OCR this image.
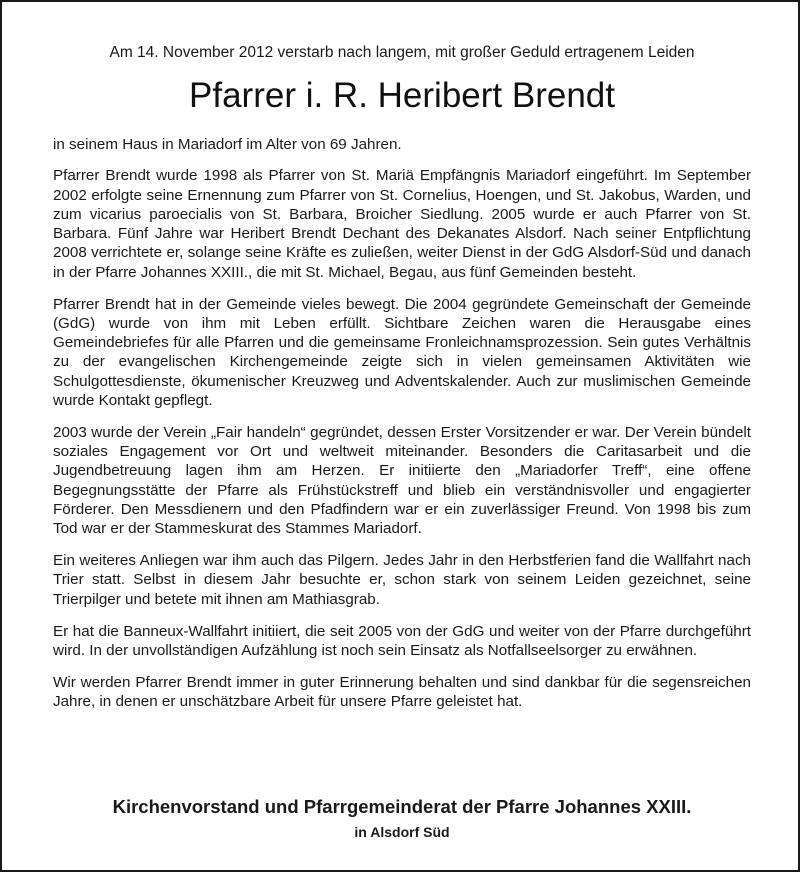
Am 14. November 2012 verstarb nach langem, mit großer Geduld ertragenem Leiden
Pfarrer i. R. Heribert Brendt

in seinem Haus in Mariadorf im Alter von 69 Jahren.

Pfarrer Brendt wurde 1998 als Pfarrer von St. Mariä Empfängnis Mariadorf eingeführt. Im September 2002 erfolgte seine Ernennung zum Pfarrer von St. Cornelius, Hoengen, und St. Jakobus, Warden, und zum vicarius paroecialis von St. Barbara, Broicher Siedlung. 2005 wurde er auch Pfarrer von St. Barbara. Fünf Jahre war Heribert Brendt Dechant des Dekanates Alsdorf. Nach seiner Entpflichtung 2008 verrichtete er, solange seine Kräfte es zuließen, weiter Dienst in der GdG Alsdorf-Süd und danach in der Pfarre Johannes XXIII., die mit St. Michael, Begau, aus fünf Gemeinden besteht.

Pfarrer Brendt hat in der Gemeinde vieles bewegt. Die 2004 gegründete Gemeinschaft der Gemeinde (GdG) wurde von ihm mit Leben erfüllt. Sichtbare Zeichen waren die Herausgabe eines Gemeindebriefes für alle Pfarren und die gemeinsame Fronleichnamsprozession. Sein gutes Verhältnis zu der evangelischen Kirchengemeinde zeigte sich in vielen gemeinsamen Aktivitäten wie Schulgottesdienste, ökumenischer Kreuzweg und Adventskalender. Auch zur muslimischen Gemeinde wurde Kontakt gepflegt.

2003 wurde der Verein „Fair handeln“ gegründet, dessen Erster Vorsitzender er war. Der Verein bündelt soziales Engagement vor Ort und weltweit miteinander. Besonders die Caritasarbeit und die Jugendbetreuung lagen ihm am Herzen. Er initiierte den „Mariadorfer Treff“, eine offene Begegnungsstätte der Pfarre als Frühstückstreff und blieb ein verständnisvoller und engagierter Förderer. Den Messdienern und den Pfadfindern war er ein zuverlässiger Freund. Von 1998 bis zum Tod war er der Stammeskurat des Stammes Mariadorf.

Ein weiteres Anliegen war ihm auch das Pilgern. Jedes Jahr in den Herbstferien fand die Wallfahrt nach Trier statt. Selbst in diesem Jahr besuchte er, schon stark von seinem Leiden gezeichnet, seine Trierpilger und betete mit ihnen am Mathiasgrab.

Er hat die Banneux-Wallfahrt initiiert, die seit 2005 von der GdG und weiter von der Pfarre durchgeführt wird. In der unvollständigen Aufzählung ist noch sein Einsatz als Notfallseelsorger zu erwähnen.

Wir werden Pfarrer Brendt immer in guter Erinnerung behalten und sind dankbar für die segensreichen Jahre, in denen er unschätzbare Arbeit für unsere Pfarre geleistet hat.

Kirchenvorstand und Pfarrgemeinderat der Pfarre Johannes XXIII.
in Alsdorf Süd
